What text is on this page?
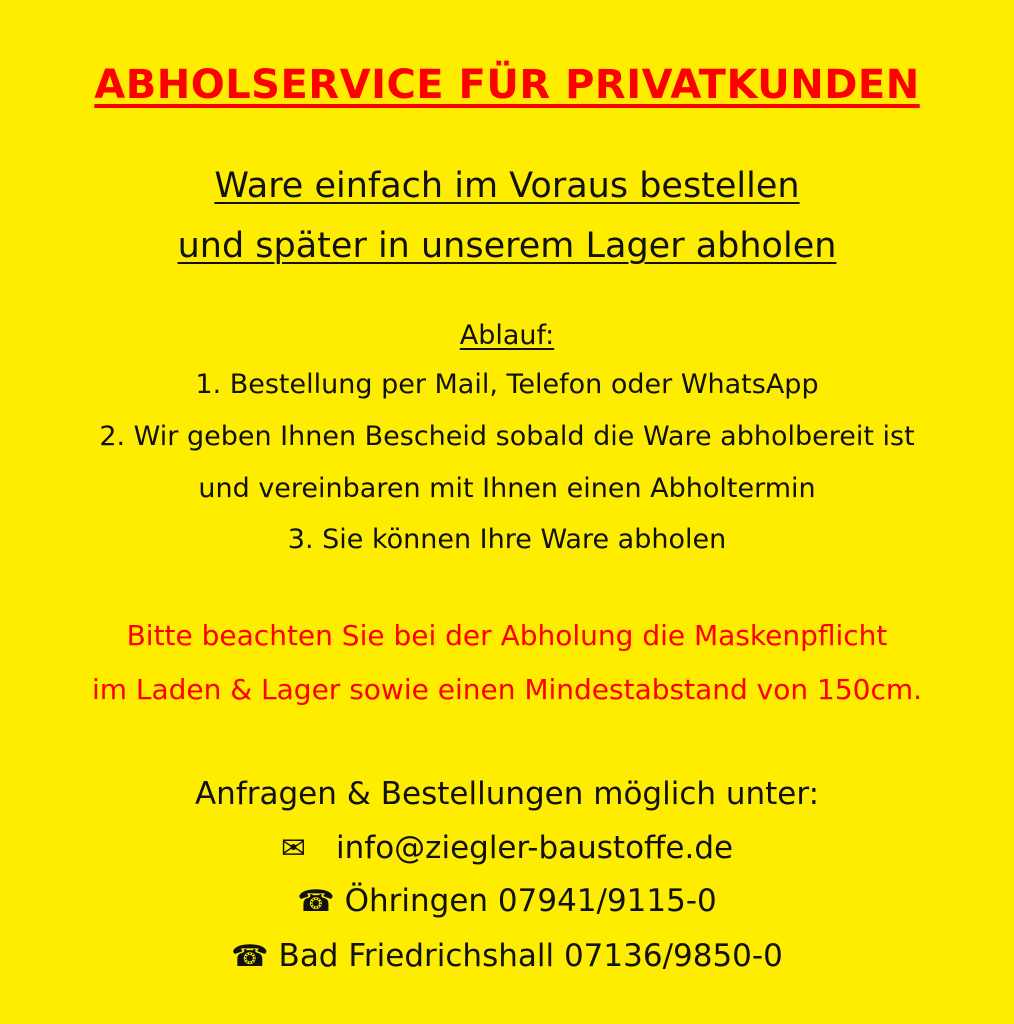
ABHOLSERVICE FÜR PRIVATKUNDEN
Ware einfach im Voraus bestellen
und später in unserem Lager abholen
Ablauf:
1. Bestellung per Mail, Telefon oder WhatsApp
2. Wir geben Ihnen Bescheid sobald die Ware abholbereit ist
und vereinbaren mit Ihnen einen Abholtermin
3. Sie können Ihre Ware abholen
Bitte beachten Sie bei der Abholung die Maskenpflicht
im Laden & Lager sowie einen Mindestabstand von 150cm.
Anfragen & Bestellungen möglich unter:
✉ info@ziegler-baustoffe.de
☎ Öhringen 07941/9115-0
☎ Bad Friedrichshall 07136/9850-0
